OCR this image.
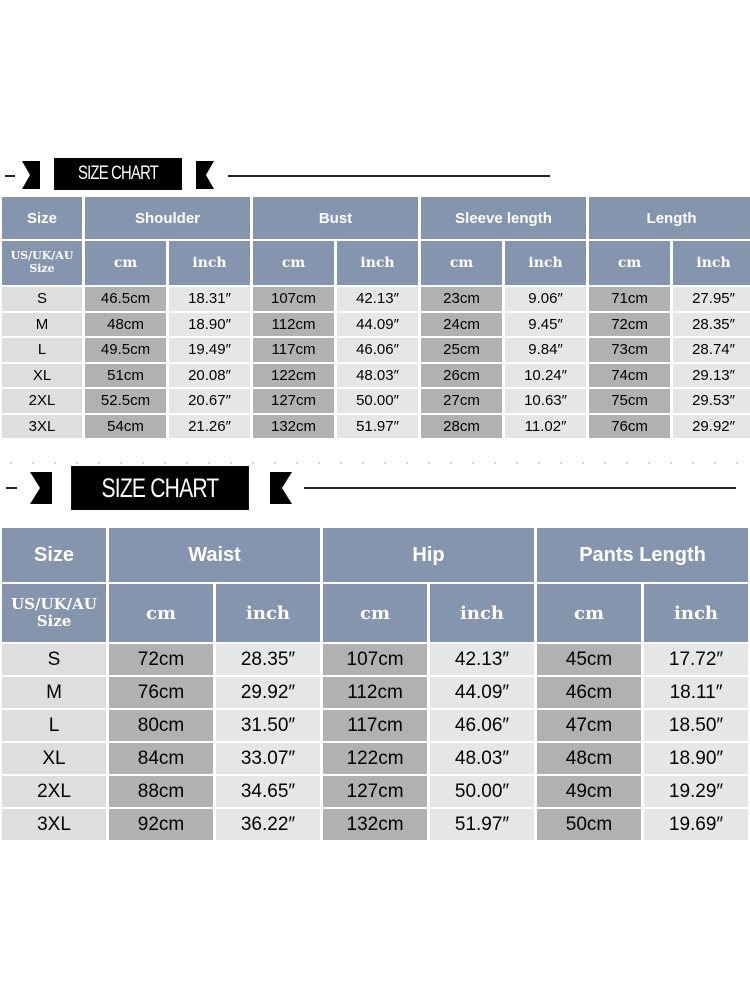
SIZE CHART
Size	Shoulder		Bust		Sleeve length		Length	

US/UK/AU
Size	cm	inch	cm	inch	cm	inch	cm	inch
S	46.5cm	18.31″	107cm	42.13″	23cm	9.06″	71cm	27.95″
M	48cm	18.90″	112cm	44.09″	24cm	9.45″	72cm	28.35″
L	49.5cm	19.49″	117cm	46.06″	25cm	9.84″	73cm	28.74″
XL	51cm	20.08″	122cm	48.03″	26cm	10.24″	74cm	29.13″
2XL	52.5cm	20.67″	127cm	50.00″	27cm	10.63″	75cm	29.53″
3XL	54cm	21.26″	132cm	51.97″	28cm	11.02″	76cm	29.92″
SIZE CHART
Size	Waist		Hip		Pants Length	

US/UK/AU
Size	cm	inch	cm	inch	cm	inch
S	72cm	28.35″	107cm	42.13″	45cm	17.72″
M	76cm	29.92″	112cm	44.09″	46cm	18.11″
L	80cm	31.50″	117cm	46.06″	47cm	18.50″
XL	84cm	33.07″	122cm	48.03″	48cm	18.90″
2XL	88cm	34.65″	127cm	50.00″	49cm	19.29″
3XL	92cm	36.22″	132cm	51.97″	50cm	19.69″
